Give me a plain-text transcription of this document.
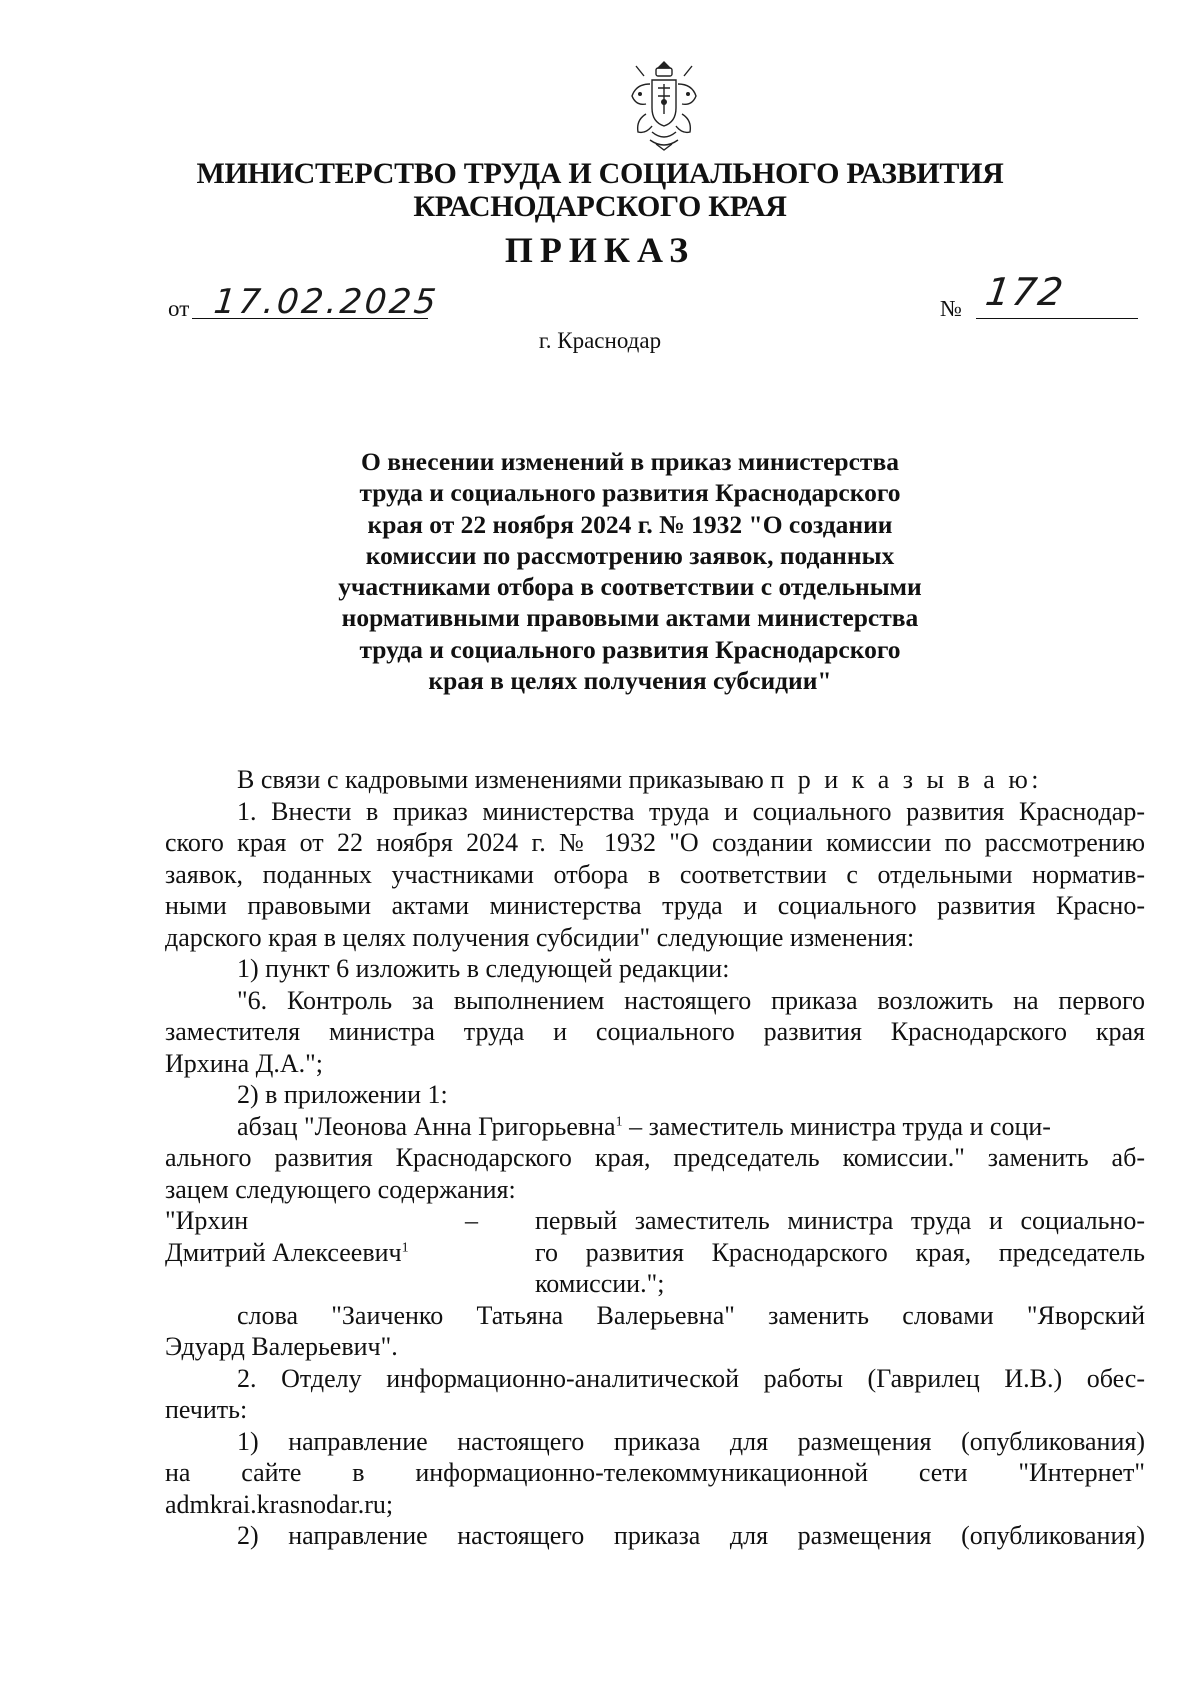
МИНИСТЕРСТВО ТРУДА И СОЦИАЛЬНОГО РАЗВИТИЯ
КРАСНОДАРСКОГО КРАЯ
ПРИКАЗ
от 17.02.2025	№ 172
г. Краснодар
О внесении изменений в приказ министерства
труда и социального развития Краснодарского
края от 22 ноября 2024 г. № 1932 "О создании
комиссии по рассмотрению заявок, поданных
участниками отбора в соответствии с отдельными
нормативными правовыми актами министерства
труда и социального развития Краснодарского
края в целях получения субсидии"
В связи с кадровыми изменениями приказываю п р и к а з ы в а ю:
1. Внести в приказ министерства труда и социального развития Краснодар-
ского края от 22 ноября 2024 г. № 1932 "О создании комиссии по рассмотрению
заявок, поданных участниками отбора в соответствии с отдельными норматив-
ными правовыми актами министерства труда и социального развития Красно-
дарского края в целях получения субсидии" следующие изменения:
1) пункт 6 изложить в следующей редакции:
"6. Контроль за выполнением настоящего приказа возложить на первого
заместителя министра труда и социального развития Краснодарского края
Ирхина Д.А.";
2) в приложении 1:
абзац "Леонова Анна Григорьевна$^1$ – заместитель министра труда и соци-
ального развития Краснодарского края, председатель комиссии." заменить аб-
зацем следующего содержания:
"Ирхин
Дмитрий Алексеевич$^1$
–	первый заместитель министра труда и социально-
го развития Краснодарского края, председатель
комиссии.";
слова "Заиченко Татьяна Валерьевна" заменить словами "Яворский
Эдуард Валерьевич".
2. Отделу информационно-аналитической работы (Гаврилец И.В.) обес-
печить:
1) направление настоящего приказа для размещения (опубликования)
на сайте в информационно-телекоммуникационной сети "Интернет"
admkrai.krasnodar.ru;
2) направление настоящего приказа для размещения (опубликования)
